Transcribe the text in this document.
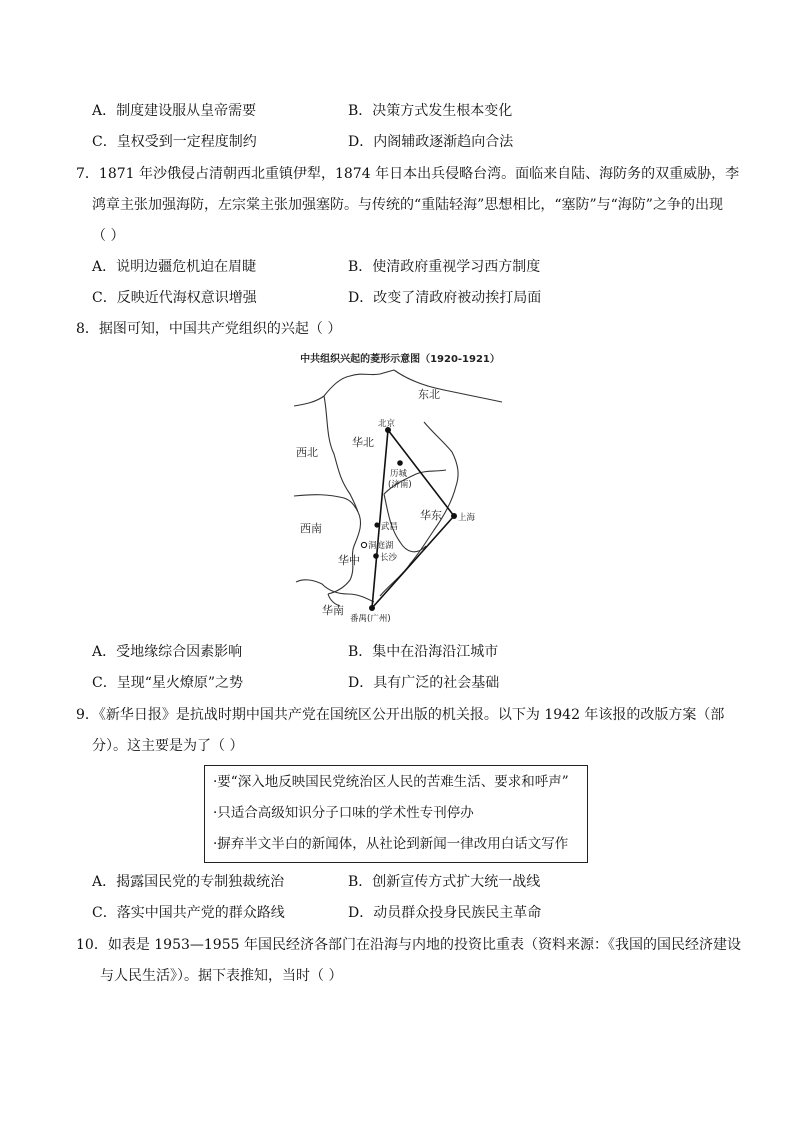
A．制度建设服从皇帝需要	B．决策方式发生根本变化
C．皇权受到一定程度制约	D．内阁辅政逐渐趋向合法
7．1871 年沙俄侵占清朝西北重镇伊犁，1874 年日本出兵侵略台湾。面临来自陆、海防务的双重威胁，李
鸿章主张加强海防，左宗棠主张加强塞防。与传统的“重陆轻海”思想相比，“塞防”与“海防”之争的出现
（ ）
A．说明边疆危机迫在眉睫	B．使清政府重视学习西方制度
C．反映近代海权意识增强	D．改变了清政府被动挨打局面
8．据图可知，中国共产党组织的兴起（ ）
中共组织兴起的菱形示意图（1920-1921）
东北
华北
西北
华东
西南
华中
华南
北京
历城
(济南)
上海
武昌
洞庭湖
长沙
番禺(广州)
A．受地缘综合因素影响	B．集中在沿海沿江城市
C．呈现“星火燎原”之势	D．具有广泛的社会基础
9．《新华日报》是抗战时期中国共产党在国统区公开出版的机关报。以下为 1942 年该报的改版方案（部
分）。这主要是为了（ ）
·要“深入地反映国民党统治区人民的苦难生活、要求和呼声”
·只适合高级知识分子口味的学术性专刊停办
·摒弃半文半白的新闻体，从社论到新闻一律改用白话文写作
A．揭露国民党的专制独裁统治	B．创新宣传方式扩大统一战线
C．落实中国共产党的群众路线	D．动员群众投身民族民主革命
10．如表是 1953—1955 年国民经济各部门在沿海与内地的投资比重表（资料来源：《我国的国民经济建设
与人民生活》）。据下表推知，当时（ ）
